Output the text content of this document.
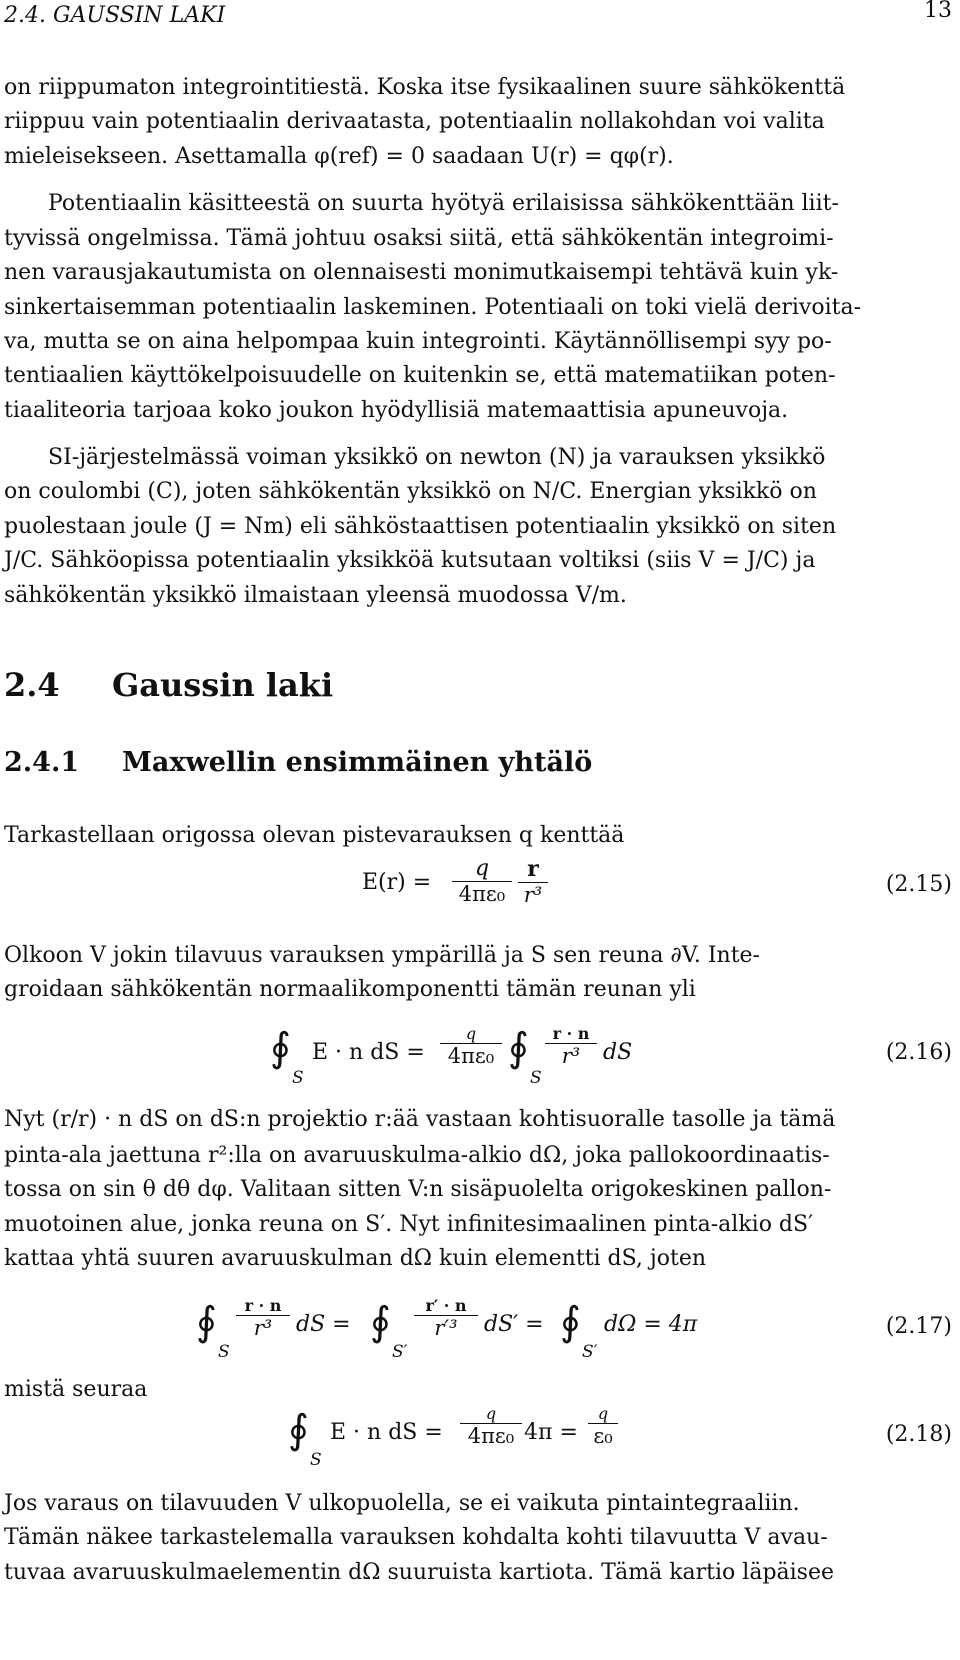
2.4. GAUSSIN LAKI	13

on riippumaton integrointitiestä. Koska itse fysikaalinen suure sähkökenttä

riippuu vain potentiaalin derivaatasta, potentiaalin nollakohdan voi valita

mieleisekseen. Asettamalla φ(ref) = 0 saadaan U(r) = qφ(r).

Potentiaalin käsitteestä on suurta hyötyä erilaisissa sähkökenttään liit-

tyvissä ongelmissa. Tämä johtuu osaksi siitä, että sähkökentän integroimi-

nen varausjakautumista on olennaisesti monimutkaisempi tehtävä kuin yk-

sinkertaisemman potentiaalin laskeminen. Potentiaali on toki vielä derivoita-

va, mutta se on aina helpompaa kuin integrointi. Käytännöllisempi syy po-

tentiaalien käyttökelpoisuudelle on kuitenkin se, että matematiikan poten-

tiaaliteoria tarjoaa koko joukon hyödyllisiä matemaattisia apuneuvoja.

SI-järjestelmässä voiman yksikkö on newton (N) ja varauksen yksikkö

on coulombi (C), joten sähkökentän yksikkö on N/C. Energian yksikkö on

puolestaan joule (J = Nm) eli sähköstaattisen potentiaalin yksikkö on siten

J/C. Sähköopissa potentiaalin yksikköä kutsutaan voltiksi (siis V = J/C) ja

sähkökentän yksikkö ilmaistaan yleensä muodossa V/m.

2.4 Gaussin laki

2.4.1 Maxwellin ensimmäinen yhtälö

Tarkastellaan origossa olevan pistevarauksen q kenttää

E(r) =
q
4πε₀
r
r³	(2.15)

Olkoon V jokin tilavuus varauksen ympärillä ja S sen reuna ∂V. Inte-

groidaan sähkökentän normaalikomponentti tämän reunan yli

∮
S
E · n dS =
q
4πε₀ ∮
S
r · n
r³	dS	(2.16)

Nyt (r/r) · n dS on dS:n projektio r:ää vastaan kohtisuoralle tasolle ja tämä

pinta-ala jaettuna r²:lla on avaruuskulma-alkio dΩ, joka pallokoordinaatis-

tossa on sin θ dθ dφ. Valitaan sitten V:n sisäpuolelta origokeskinen pallon-

muotoinen alue, jonka reuna on S′. Nyt infinitesimaalinen pinta-alkio dS′

kattaa yhtä suuren avaruuskulman dΩ kuin elementti dS, joten

∮
S
r · n
r³	dS = ∮
S′
r′ · n
r′³	dS′ = ∮
S′
dΩ = 4π	(2.17)

mistä seuraa

∮
S
E · n dS =
q
4πε₀ 4π =
q
ε₀	(2.18)

Jos varaus on tilavuuden V ulkopuolella, se ei vaikuta pintaintegraaliin.

Tämän näkee tarkastelemalla varauksen kohdalta kohti tilavuutta V avau-

tuvaa avaruuskulmaelementin dΩ suuruista kartiota. Tämä kartio läpäisee
